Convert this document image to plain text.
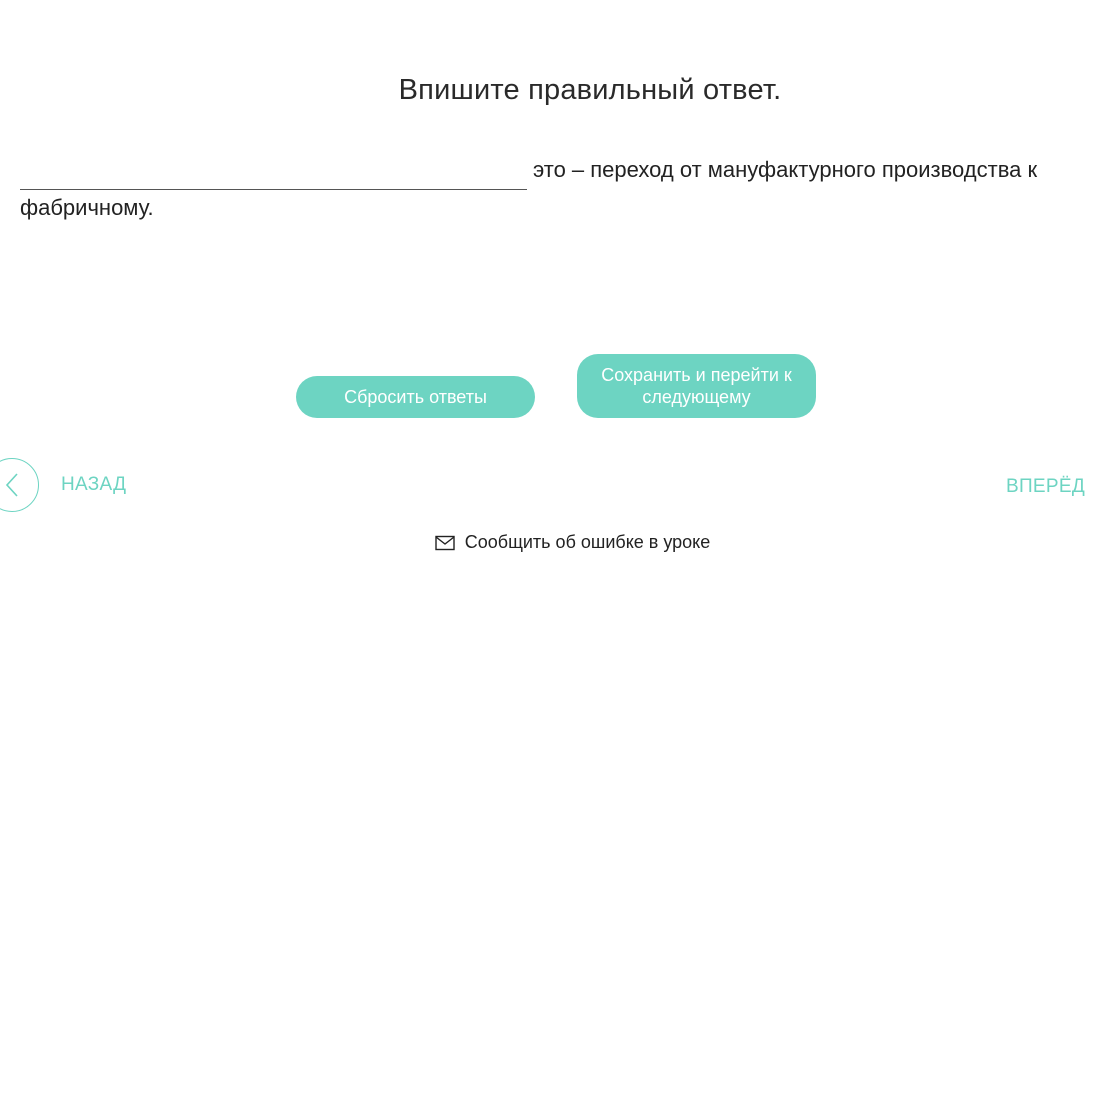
Впишите правильный ответ.
это – переход от мануфактурного производства к фабричному.
Сбросить ответы
Сохранить и перейти к следующему
НАЗАД	ВПЕРЁД
Сообщить об ошибке в уроке
